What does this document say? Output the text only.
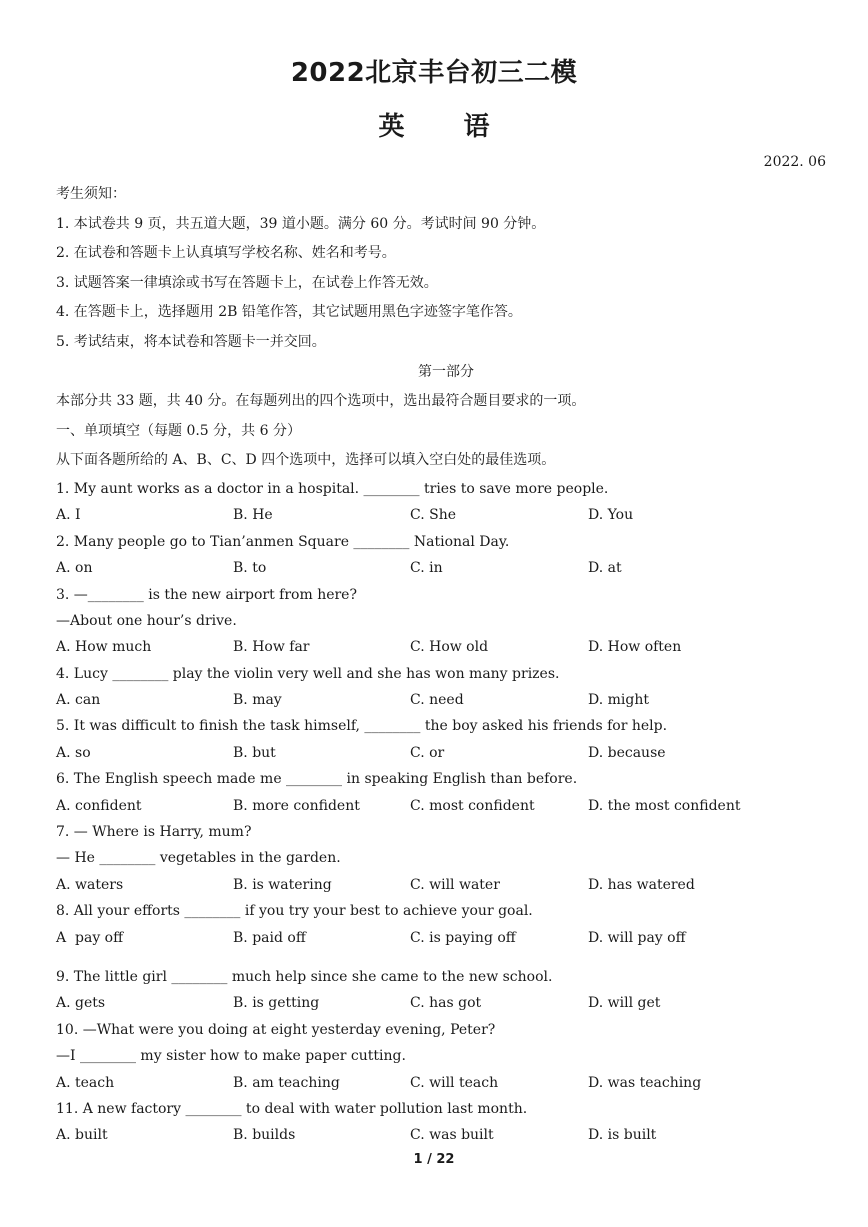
2022北京丰台初三二模
英 语
2022. 06
考生须知：
1. 本试卷共 9 页，共五道大题，39 道小题。满分 60 分。考试时间 90 分钟。
2. 在试卷和答题卡上认真填写学校名称、姓名和考号。
3. 试题答案一律填涂或书写在答题卡上，在试卷上作答无效。
4. 在答题卡上，选择题用 2B 铅笔作答，其它试题用黑色字迹签字笔作答。
5. 考试结束，将本试卷和答题卡一并交回。
第一部分
本部分共 33 题，共 40 分。在每题列出的四个选项中，选出最符合题目要求的一项。
一、单项填空（每题 0.5 分，共 6 分）
从下面各题所给的 A、B、C、D 四个选项中，选择可以填入空白处的最佳选项。
1. My aunt works as a doctor in a hospital. ________ tries to save more people.
A. I	B. He	C. She	D. You
2. Many people go to Tian’anmen Square ________ National Day.
A. on	B. to	C. in	D. at
3. —________ is the new airport from here?
—About one hour’s drive.
A. How much	B. How far	C. How old	D. How often
4. Lucy ________ play the violin very well and she has won many prizes.
A. can	B. may	C. need	D. might
5. It was difficult to finish the task himself, ________ the boy asked his friends for help.
A. so	B. but	C. or	D. because
6. The English speech made me ________ in speaking English than before.
A. confident	B. more confident	C. most confident	D. the most confident
7. — Where is Harry, mum?
— He ________ vegetables in the garden.
A. waters	B. is watering	C. will water	D. has watered
8. All your efforts ________ if you try your best to achieve your goal.
A  pay off	B. paid off	C. is paying off	D. will pay off
9. The little girl ________ much help since she came to the new school.
A. gets	B. is getting	C. has got	D. will get
10. —What were you doing at eight yesterday evening, Peter?
—I ________ my sister how to make paper cutting.
A. teach	B. am teaching	C. will teach	D. was teaching
11. A new factory ________ to deal with water pollution last month.
A. built	B. builds	C. was built	D. is built
1 / 22
